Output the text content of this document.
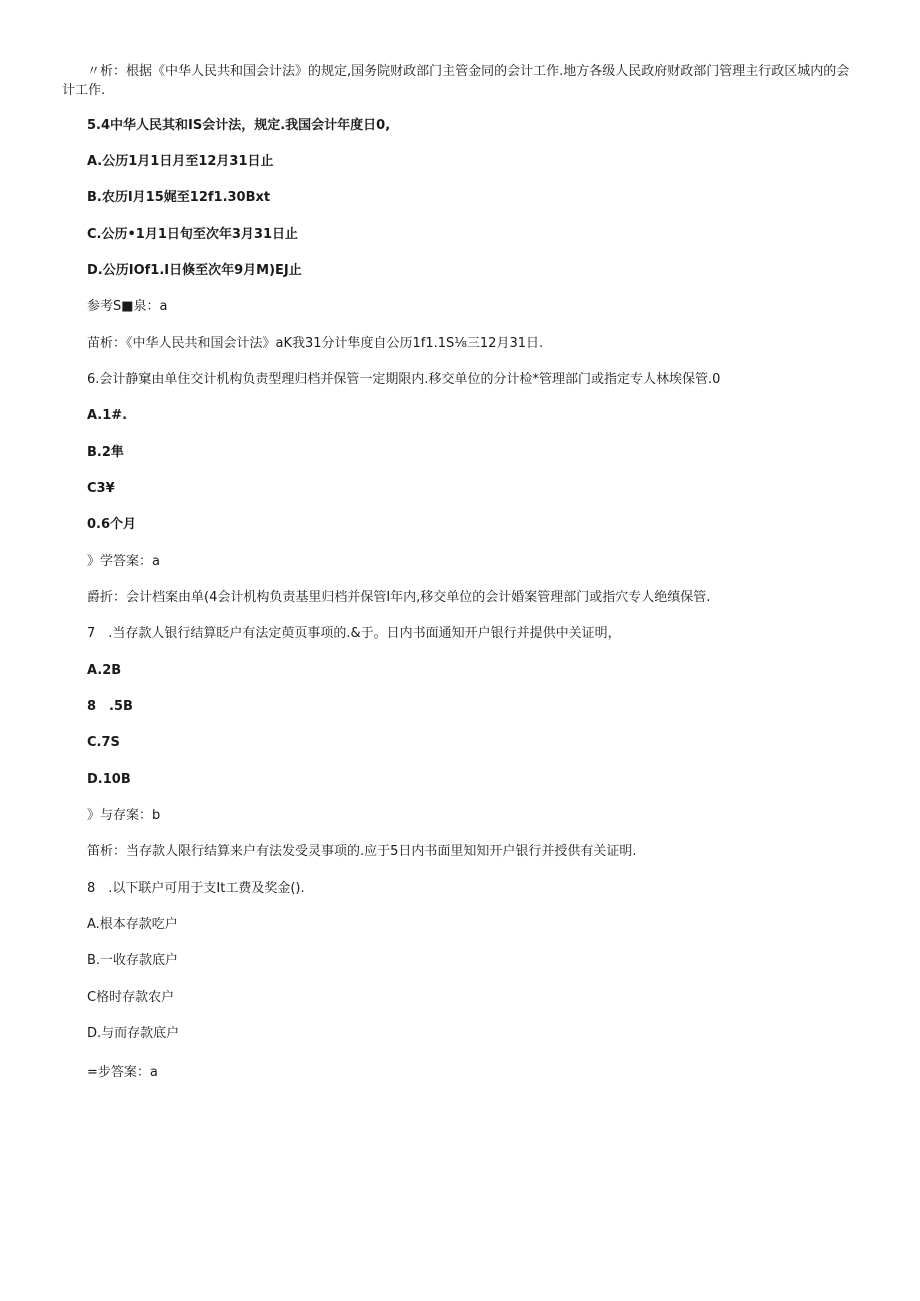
〃析：根据《中华人民共和国会计法》的规定,国务院财政部门主管金同的会计工作.地方各级人民政府财政部门管理主行政区城内的会计工作.
5.4中华人民其和IS会计法，规定.我国会计年度日0,
A.公历1月1日月至12月31日止
B.农历I月15娓至12f1.30Bxt
C.公历•1月1日旬至次年3月31日止
D.公历IOf1.I日倏至次年9月M)EJ止
参考S■泉：a
苗析：《中华人民共和国会计法》aK我31分计隼度自公历1f1.1S⅛三12月31日.
6.会计静窠由单住交计机构负责型理归档并保管一定期限内.移交单位的分计检*管理部门或指定专人林埃保管.0
A.1#.
B.2隼
C3¥
0.6个月
》学答案：a
爵折：会计档案由单(4会计机构负责基里归档并保管I年内,移交单位的会计婚案管理部门或指穴专人绝缜保管.
7　.当存款人银行结算眨户有法定萸页事项的.&于。日内书面通知开户银行并提供中关证明，
A.2B
8　.5B
C.7S
D.10B
》与存案：b
笛析：当存款人限行结算来户有法发受灵事项的.应于5日内书面里知知开户银行并授供有关证明.
8　.以下联户可用于支It工费及奖金().
A.根本存款吃户
B.一收存款底户
C格时存款农户
D.与而存款底户
=步答案：a
